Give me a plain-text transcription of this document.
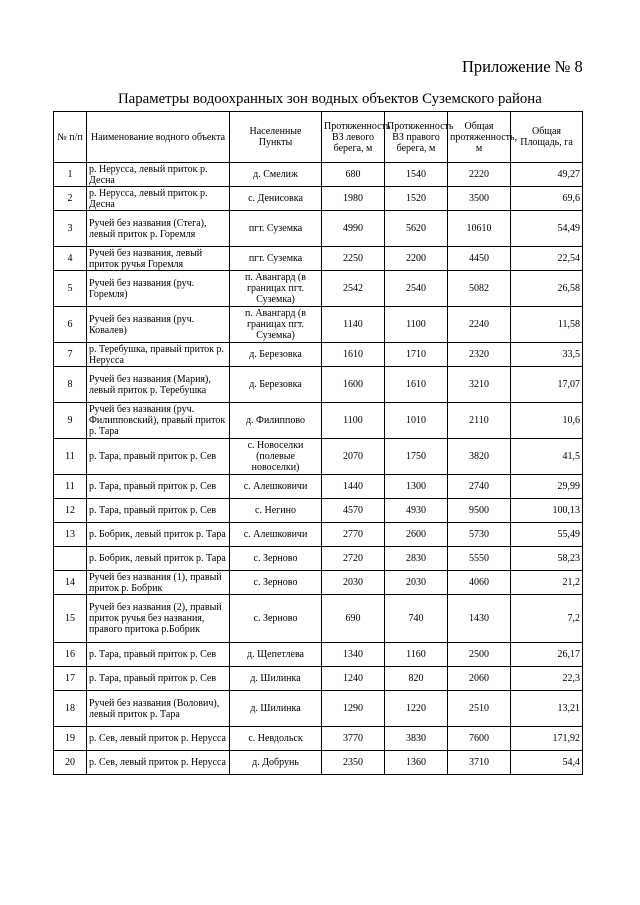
Приложение № 8
Параметры водоохранных зон водных объектов Суземского района
№ п/п	Наименование водного объекта	Населенные Пункты	Протяженность ВЗ левого берега, м	Протяженность ВЗ правого берега, м	Общая протяженность, м	Общая Площадь, га
1	р. Нерусса, левый приток р. Десна	д. Смелиж	680	1540	2220	49,27
2	р. Нерусса, левый приток р. Десна	с. Денисовка	1980	1520	3500	69,6
3	Ручей без названия (Стега), левый приток р. Горемля	пгт. Суземка	4990	5620	10610	54,49
4	Ручей без названия, левый приток ручья Горемля	пгт. Суземка	2250	2200	4450	22,54
5	Ручей без названия (руч. Горемля)	п. Авангард (в границах пгт. Суземка)	2542	2540	5082	26,58
6	Ручей без названия (руч. Ковалев)	п. Авангард (в границах пгт. Суземка)	1140	1100	2240	11,58
7	р. Теребушка, правый приток р. Нерусса	д. Березовка	1610	1710	2320	33,5
8	Ручей без названия (Мария), левый приток р. Теребушка	д. Березовка	1600	1610	3210	17,07
9	Ручей без названия (руч. Филипповский), правый приток р. Тара	д. Филиппово	1100	1010	2110	10,6
11	р. Тара, правый приток р. Сев	с. Новоселки (полевые новоселки)	2070	1750	3820	41,5
11	р. Тара, правый приток р. Сев	с. Алешковичи	1440	1300	2740	29,99
12	р. Тара, правый приток р. Сев	с. Негино	4570	4930	9500	100,13
13	р. Бобрик, левый приток р. Тара	с. Алешковичи	2770	2600	5730	55,49
	р. Бобрик, левый приток р. Тара	с. Зерново	2720	2830	5550	58,23
14	Ручей без названия (1), правый приток р. Бобрик	с. Зерново	2030	2030	4060	21,2
15	Ручей без названия (2), правый приток ручья без названия, правого притока р.Бобрик	с. Зерново	690	740	1430	7,2
16	р. Тара, правый приток р. Сев	д. Щепетлева	1340	1160	2500	26,17
17	р. Тара, правый приток р. Сев	д. Шилинка	1240	820	2060	22,3
18	Ручей без названия (Волович), левый приток р. Тара	д. Шилинка	1290	1220	2510	13,21
19	р. Сев, левый приток р. Нерусса	с. Невдольск	3770	3830	7600	171,92
20	р. Сев, левый приток р. Нерусса	д. Добрунь	2350	1360	3710	54,4
